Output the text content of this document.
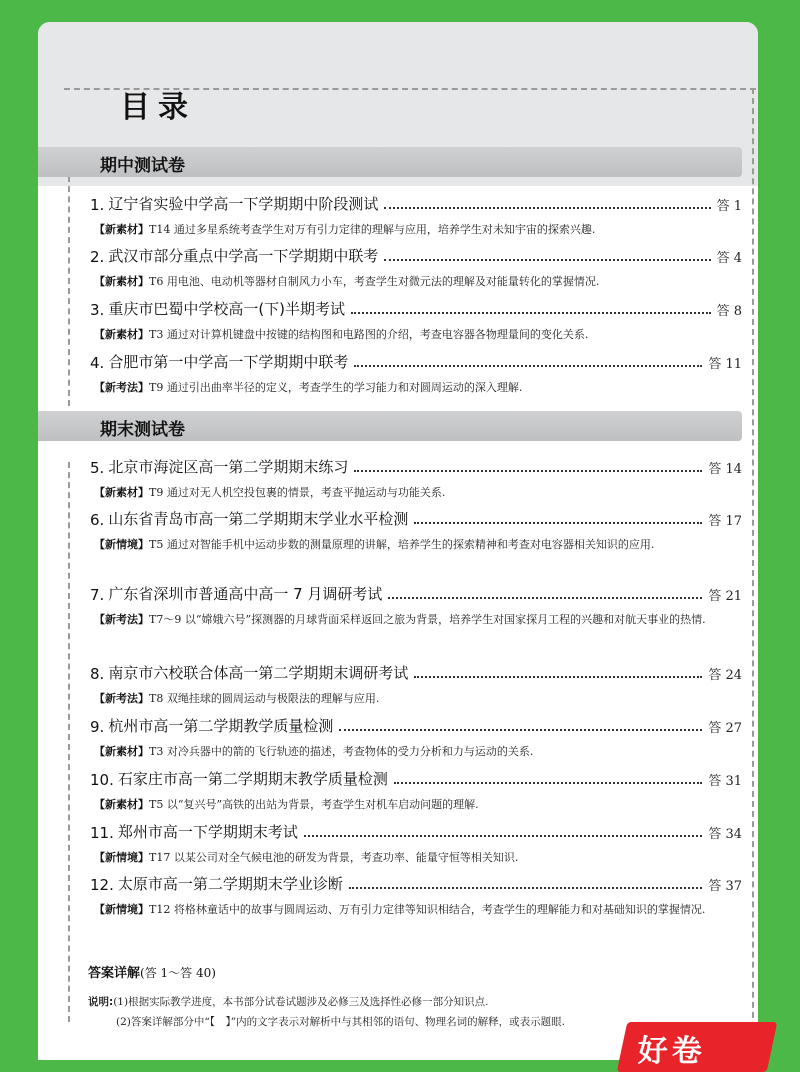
目录
期中测试卷
1. 辽宁省实验中学高一下学期期中阶段测试	答 1
【新素材】T14 通过多星系统考查学生对万有引力定律的理解与应用，培养学生对未知宇宙的探索兴趣.
2. 武汉市部分重点中学高一下学期期中联考	答 4
【新素材】T6 用电池、电动机等器材自制风力小车，考查学生对微元法的理解及对能量转化的掌握情况.
3. 重庆市巴蜀中学校高一(下)半期考试	答 8
【新素材】T3 通过对计算机键盘中按键的结构图和电路图的介绍，考查电容器各物理量间的变化关系.
4. 合肥市第一中学高一下学期期中联考	答 11
【新考法】T9 通过引出曲率半径的定义，考查学生的学习能力和对圆周运动的深入理解.
期末测试卷
5. 北京市海淀区高一第二学期期末练习	答 14
【新素材】T9 通过对无人机空投包裹的情景，考查平抛运动与功能关系.
6. 山东省青岛市高一第二学期期末学业水平检测	答 17
【新情境】T5 通过对智能手机中运动步数的测量原理的讲解，培养学生的探索精神和考查对电容器相关知识的应用.
7. 广东省深圳市普通高中高一 7 月调研考试	答 21
【新考法】T7～9 以“嫦娥六号”探测器的月球背面采样返回之旅为背景，培养学生对国家探月工程的兴趣和对航天事业的热情.
8. 南京市六校联合体高一第二学期期末调研考试	答 24
【新考法】T8 双绳挂球的圆周运动与极限法的理解与应用.
9. 杭州市高一第二学期教学质量检测	答 27
【新素材】T3 对冷兵器中的箭的飞行轨迹的描述，考查物体的受力分析和力与运动的关系.
10. 石家庄市高一第二学期期末教学质量检测	答 31
【新素材】T5 以“复兴号”高铁的出站为背景，考查学生对机车启动问题的理解.
11. 郑州市高一下学期期末考试	答 34
【新情境】T17 以某公司对全气候电池的研发为背景，考查功率、能量守恒等相关知识.
12. 太原市高一第二学期期末学业诊断	答 37
【新情境】T12 将格林童话中的故事与圆周运动、万有引力定律等知识相结合，考查学生的理解能力和对基础知识的掌握情况.
答案详解(答 1～答 40)
说明:(1)根据实际教学进度，本书部分试卷试题涉及必修三及选择性必修一部分知识点.
(2)答案详解部分中“【　】”内的文字表示对解析中与其相邻的语句、物理名词的解释，或表示题眼.
好卷
